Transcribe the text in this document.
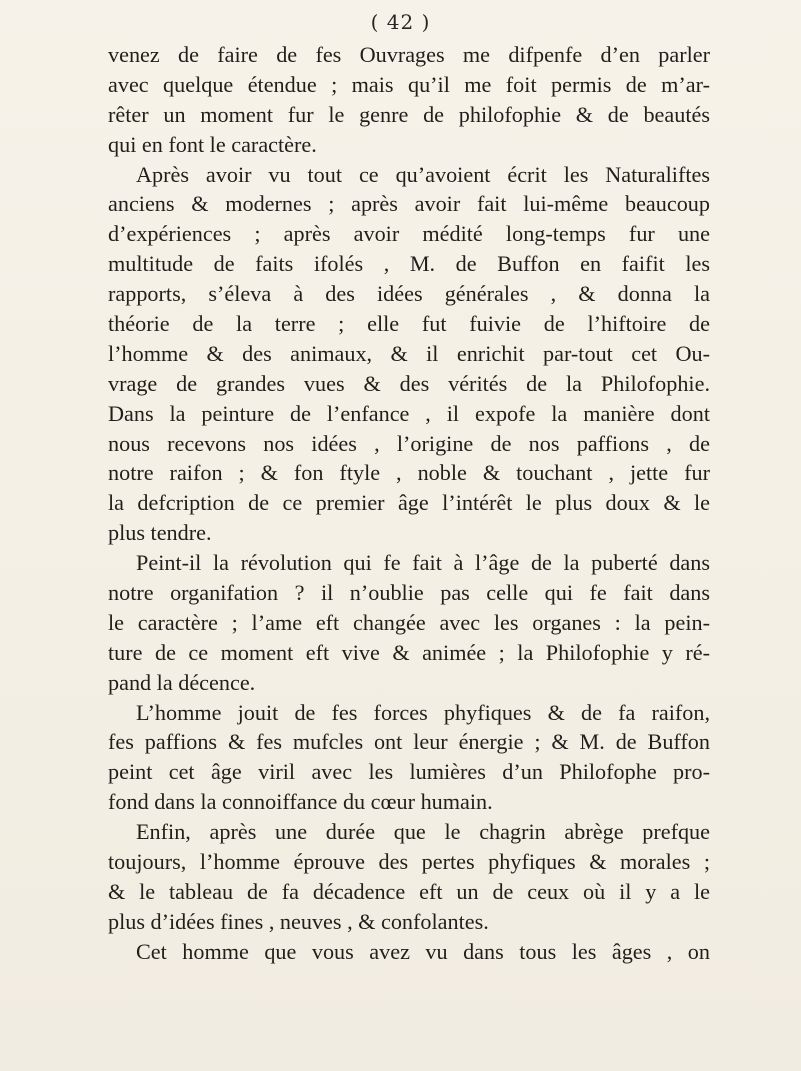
( 42 )
venez de faire de fes Ouvrages me difpenfe d’en parler
avec quelque étendue ; mais qu’il me foit permis de m’ar-
rêter un moment fur le genre de philofophie & de beautés
qui en font le caractère.
Après avoir vu tout ce qu’avoient écrit les Naturaliftes
anciens & modernes ; après avoir fait lui-même beaucoup
d’expériences ; après avoir médité long-temps fur une
multitude de faits ifolés , M. de Buffon en faifit les
rapports, s’éleva à des idées générales , & donna la
théorie de la terre ; elle fut fuivie de l’hiftoire de
l’homme & des animaux, & il enrichit par-tout cet Ou-
vrage de grandes vues & des vérités de la Philofophie.
Dans la peinture de l’enfance , il expofe la manière dont
nous recevons nos idées , l’origine de nos paffions , de
notre raifon ; & fon ftyle , noble & touchant , jette fur
la defcription de ce premier âge l’intérêt le plus doux & le
plus tendre.
Peint-il la révolution qui fe fait à l’âge de la puberté dans
notre organifation ? il n’oublie pas celle qui fe fait dans
le caractère ; l’ame eft changée avec les organes : la pein-
ture de ce moment eft vive & animée ; la Philofophie y ré-
pand la décence.
L’homme jouit de fes forces phyfiques & de fa raifon,
fes paffions & fes mufcles ont leur énergie ; & M. de Buffon
peint cet âge viril avec les lumières d’un Philofophe pro-
fond dans la connoiffance du cœur humain.
Enfin, après une durée que le chagrin abrège prefque
toujours, l’homme éprouve des pertes phyfiques & morales ;
& le tableau de fa décadence eft un de ceux où il y a le
plus d’idées fines , neuves , & confolantes.
Cet homme que vous avez vu dans tous les âges , on
